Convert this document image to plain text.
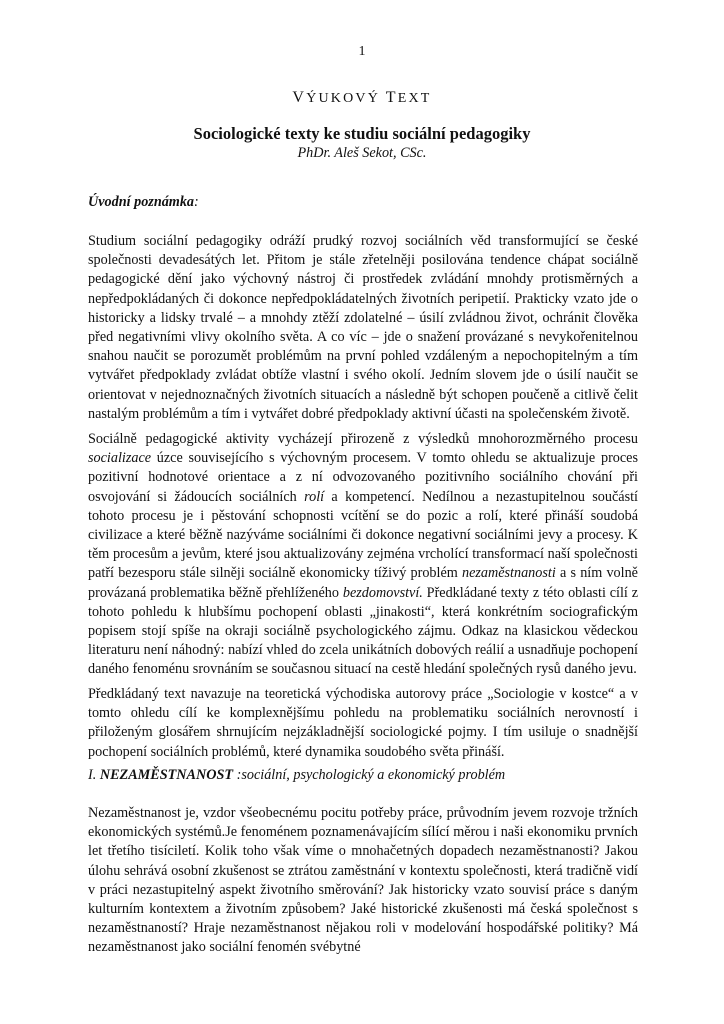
1
VÝUKOVÝ TEXT
Sociologické texty ke studiu sociální pedagogiky
PhDr. Aleš Sekot, CSc.
Úvodní poznámka:
Studium sociální pedagogiky odráží prudký rozvoj sociálních věd transformující se české společnosti devadesátých let. Přitom je stále zřetelněji posilována tendence chápat sociálně pedagogické dění jako výchovný nástroj či prostředek zvládání mnohdy protisměrných a nepředpokládaných či dokonce nepředpokládatelných životních peripetií. Prakticky vzato jde o historicky a lidsky trvalé – a mnohdy ztěží zdolatelné – úsilí zvládnou život, ochránit člověka před negativními vlivy okolního světa. A co víc – jde o snažení provázané s nevykořenitelnou snahou naučit se porozumět problémům na první pohled vzdáleným a nepochopitelným a tím vytvářet předpoklady zvládat obtíže vlastní i svého okolí. Jedním slovem jde o úsilí naučit se orientovat v nejednoznačných životních situacích a následně být schopen poučeně a citlivě čelit nastalým problémům a tím i vytvářet dobré předpoklady aktivní účasti na společenském životě.
Sociálně pedagogické aktivity vycházejí přirozeně z výsledků mnohorozměrného procesu socializace úzce souvisejícího s výchovným procesem. V tomto ohledu se aktualizuje proces pozitivní hodnotové orientace a z ní odvozovaného pozitivního sociálního chování při osvojování si žádoucích sociálních rolí a kompetencí. Nedílnou a nezastupitelnou součástí tohoto procesu je i pěstování schopnosti vcítění se do pozic a rolí, které přináší soudobá civilizace a které běžně nazýváme sociálními či dokonce negativní sociálními jevy a procesy. K těm procesům a jevům, které jsou aktualizovány zejména vrcholící transformací naší společnosti patří bezesporu stále silněji sociálně ekonomicky tíživý problém nezaměstnanosti a s ním volně provázaná problematika běžně přehlíženého bezdomovství. Předkládané texty z této oblasti cílí z tohoto pohledu k hlubšímu pochopení oblasti „jinakosti“, která konkrétním sociografickým popisem stojí spíše na okraji sociálně psychologického zájmu. Odkaz na klasickou vědeckou literaturu není náhodný: nabízí vhled do zcela unikátních dobových reálií a usnadňuje pochopení daného fenoménu srovnáním se současnou situací na cestě hledání společných rysů daného jevu.
Předkládaný text navazuje na teoretická východiska autorovy práce „Sociologie v kostce“ a v tomto ohledu cílí ke komplexnějšímu pohledu na problematiku sociálních nerovností i přiloženým glosářem shrnujícím nejzákladnější sociologické pojmy. I tím usiluje o snadnější pochopení sociálních problémů, které dynamika soudobého světa přináší.
I. NEZAMĚSTNANOST :sociální, psychologický a ekonomický problém
Nezaměstnanost je, vzdor všeobecnému pocitu potřeby práce, průvodním jevem rozvoje tržních ekonomických systémů.Je fenoménem poznamenávajícím sílící měrou i naši ekonomiku prvních let třetího tisíciletí. Kolik toho však víme o mnohačetných dopadech nezaměstnanosti? Jakou úlohu sehrává osobní zkušenost se ztrátou zaměstnání v kontextu společnosti, která tradičně vidí v práci nezastupitelný aspekt životního směrování? Jak historicky vzato souvisí práce s daným kulturním kontextem a životním způsobem? Jaké historické zkušenosti má česká společnost s nezaměstnaností? Hraje nezaměstnanost nějakou roli v modelování hospodářské politiky? Má nezaměstnanost jako sociální fenomén svébytné
